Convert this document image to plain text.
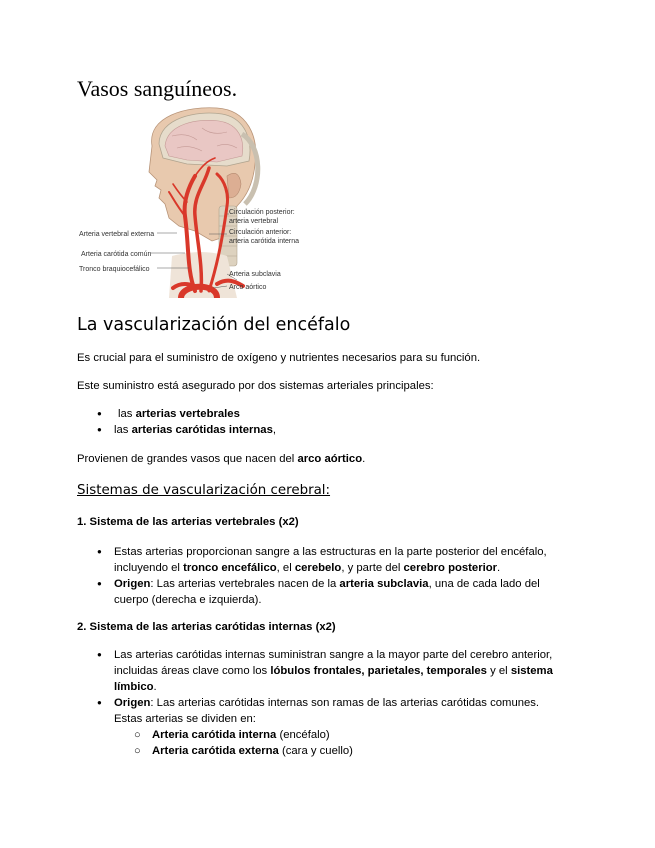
Vasos sanguíneos.
Arteria vertebral externa
Arteria carótida común
Tronco braquiocefálico
Circulación posterior:
arteria vertebral
Circulación anterior:
arteria carótida interna
Arteria subclavia
Arco aórtico
La vascularización del encéfalo
Es crucial para el suministro de oxígeno y nutrientes necesarios para su función.
Este suministro está asegurado por dos sistemas arteriales principales:
● las arterias vertebrales
● las arterias carótidas internas,
Provienen de grandes vasos que nacen del arco aórtico.
Sistemas de vascularización cerebral:
1. Sistema de las arterias vertebrales (x2)
● Estas arterias proporcionan sangre a las estructuras en la parte posterior del encéfalo,
incluyendo el tronco encefálico, el cerebelo, y parte del cerebro posterior.
● Origen: Las arterias vertebrales nacen de la arteria subclavia, una de cada lado del
cuerpo (derecha e izquierda).
2. Sistema de las arterias carótidas internas (x2)
● Las arterias carótidas internas suministran sangre a la mayor parte del cerebro anterior,
incluidas áreas clave como los lóbulos frontales, parietales, temporales y el sistema
límbico.
● Origen: Las arterias carótidas internas son ramas de las arterias carótidas comunes.
Estas arterias se dividen en:
○ Arteria carótida interna (encéfalo)
○ Arteria carótida externa (cara y cuello)
